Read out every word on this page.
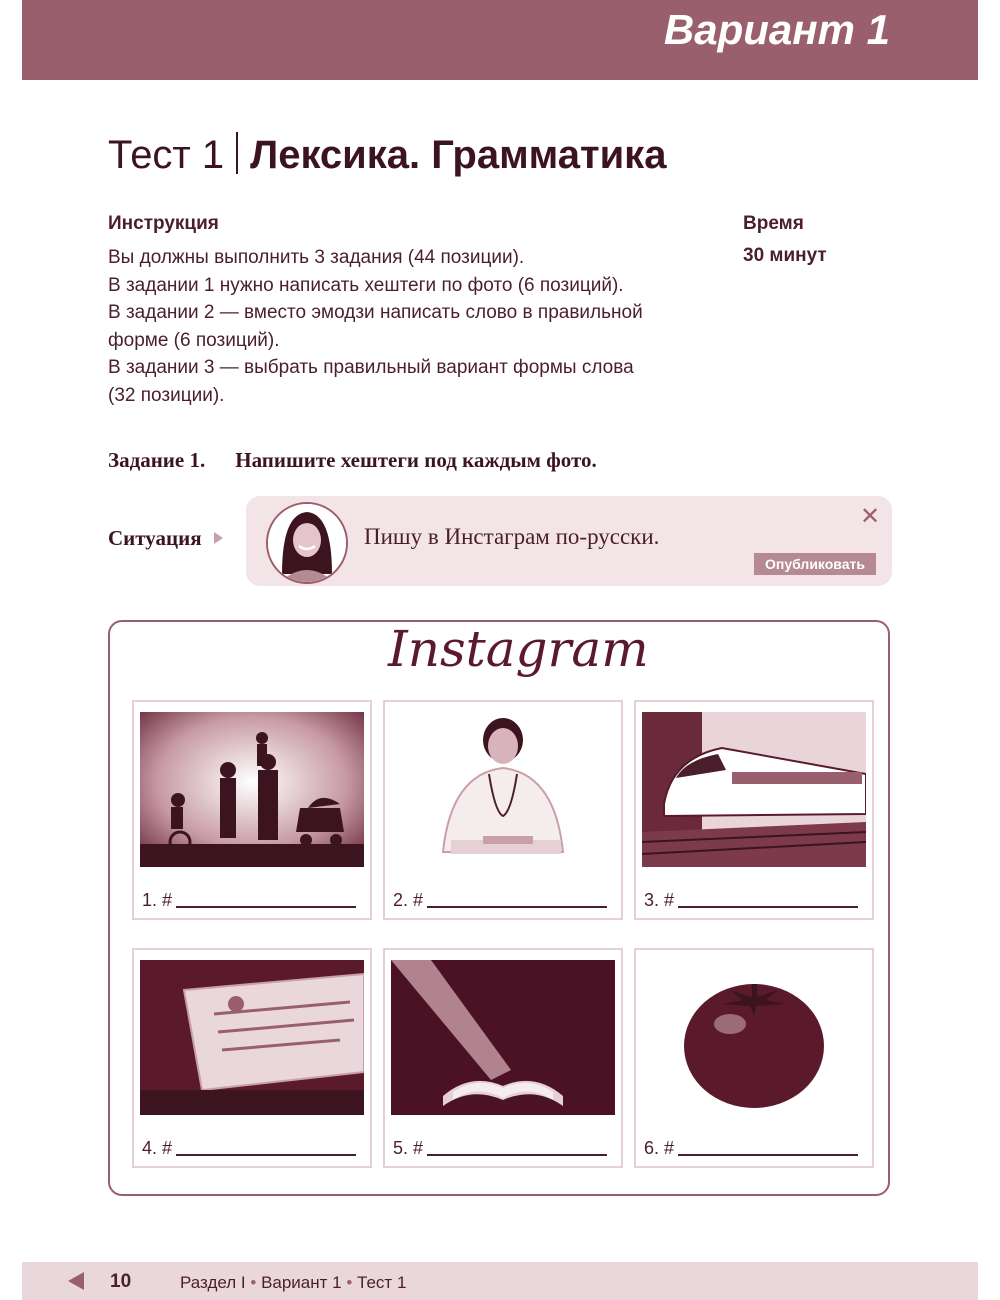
Вариант 1
Тест 1 Лексика. Грамматика
Инструкция

Вы должны выполнить 3 задания (44 позиции).

В задании 1 нужно написать хештеги по фото (6 позиций).

В задании 2 — вместо эмодзи написать слово в правильной

форме (6 позиций).

В задании 3 — выбрать правильный вариант формы слова

(32 позиции).

Время
30 минут
Задание 1. Напишите хештеги под каждым фото.
Ситуация	Пишу в Инстаграм по-русски.
✕
Опубликовать
Instagram
1. #	2. #	3. #
4. #	5. #	6. #
10	Раздел I • Вариант 1 • Тест 1
